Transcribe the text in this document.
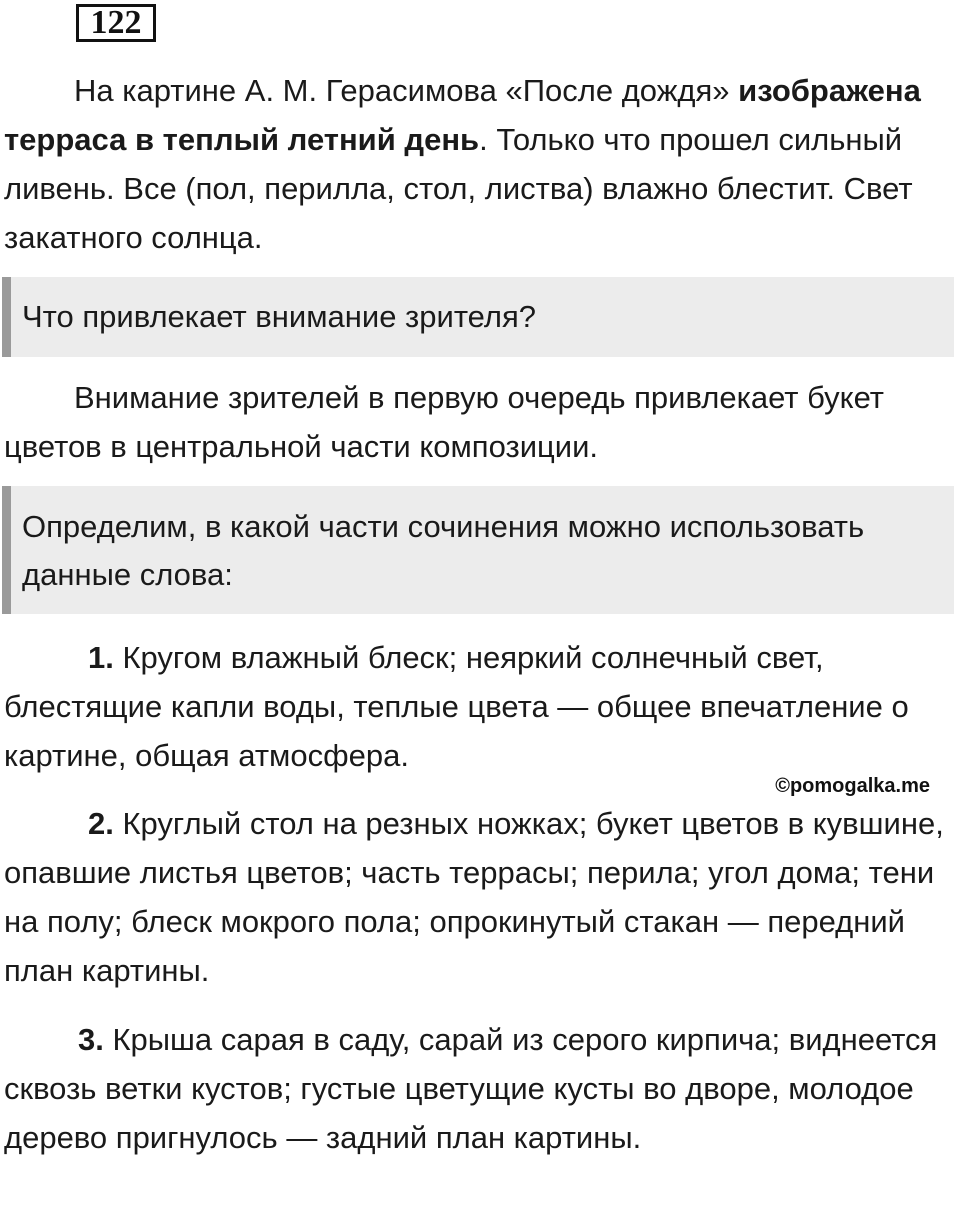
122

На картине А. М. Герасимова «После дождя» изображена терраса в теплый летний день. Только что прошел сильный ливень. Все (пол, перилла, стол, листва) влажно блестит. Свет закатного солнца.

Что привлекает внимание зрителя?

Внимание зрителей в первую очередь привлекает букет цветов в центральной части композиции.

Определим, в какой части сочинения можно использовать данные слова:

1. Кругом влажный блеск; неяркий солнечный свет, блестящие капли воды, теплые цвета — общее впечатление о картине, общая атмосфера.

©pomogalka.me

2. Круглый стол на резных ножках; букет цветов в кувшине, опавшие листья цветов; часть террасы; перила; угол дома; тени на полу; блеск мокрого пола; опрокинутый стакан — передний план картины.

3. Крыша сарая в саду, сарай из серого кирпича; виднеется сквозь ветки кустов; густые цветущие кусты во дворе, молодое дерево пригнулось — задний план картины.
